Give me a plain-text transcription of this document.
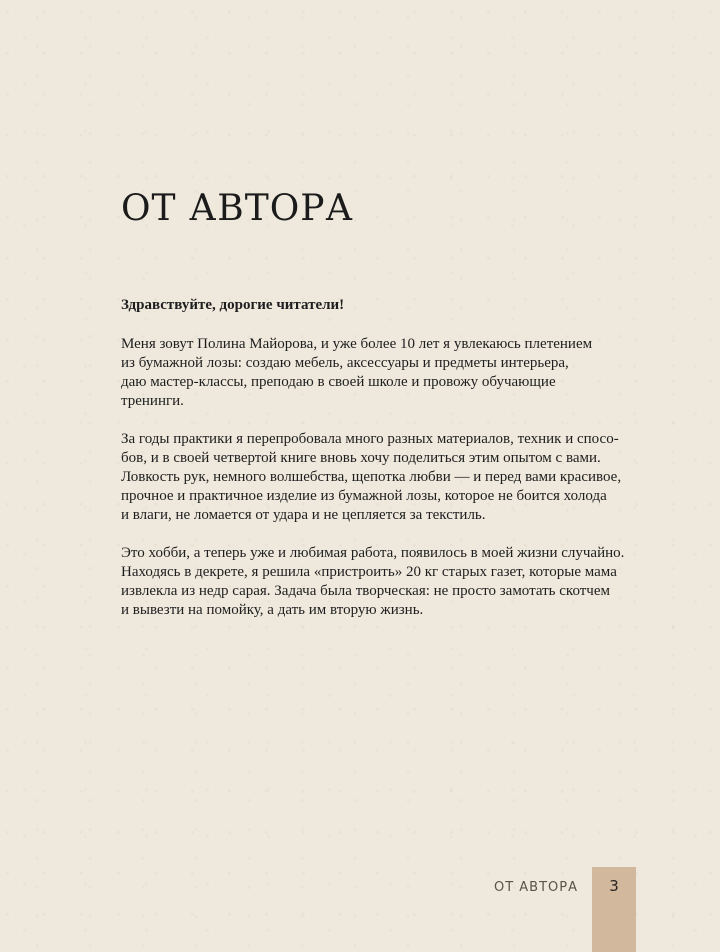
ОТ АВТОРА

Здравствуйте, дорогие читатели!

Меня зовут Полина Майорова, и уже более 10 лет я увлекаюсь плетением
из бумажной лозы: создаю мебель, аксессуары и предметы интерьера,
даю мастер-классы, преподаю в своей школе и провожу обучающие
тренинги.

За годы практики я перепробовала много разных материалов, техник и спосо-
бов, и в своей четвертой книге вновь хочу поделиться этим опытом с вами.
Ловкость рук, немного волшебства, щепотка любви — и перед вами красивое,
прочное и практичное изделие из бумажной лозы, которое не боится холода
и влаги, не ломается от удара и не цепляется за текстиль.

Это хобби, а теперь уже и любимая работа, появилось в моей жизни случайно.
Находясь в декрете, я решила «пристроить» 20 кг старых газет, которые мама
извлекла из недр сарая. Задача была творческая: не просто замотать скотчем
и вывезти на помойку, а дать им вторую жизнь.

ОТ АВТОРА	3
